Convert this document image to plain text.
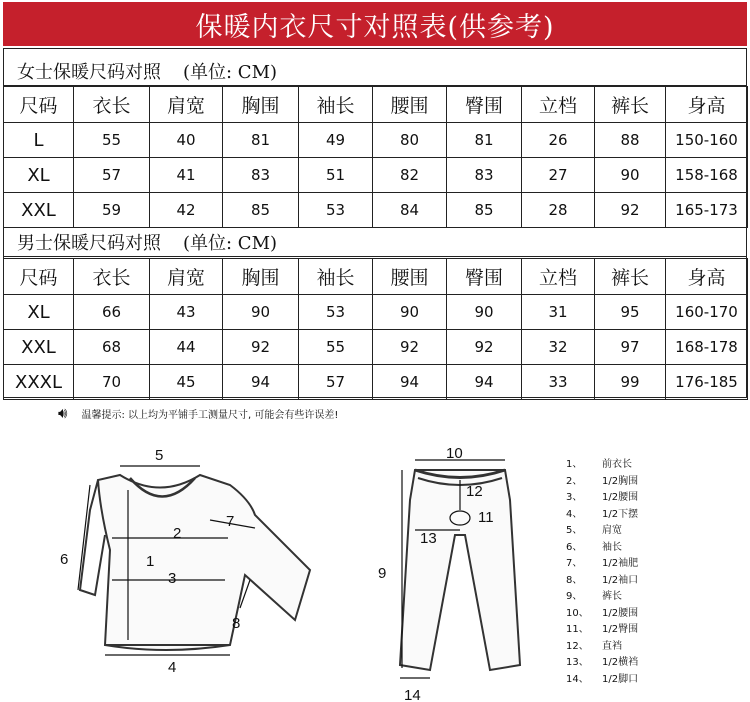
保暖内衣尺寸对照表(供参考)
女士保暖尺码对照 (单位: CM)
尺码	衣长	肩宽	胸围	袖长	腰围	臀围	立档	裤长	身高
L	55	40	81	49	80	81	26	88	150-160
XL	57	41	83	51	82	83	27	90	158-168
XXL	59	42	85	53	84	85	28	92	165-173
男士保暖尺码对照 (单位: CM)
尺码	衣长	肩宽	胸围	袖长	腰围	臀围	立档	裤长	身高
XL	66	43	90	53	90	90	31	95	160-170
XXL	68	44	92	55	92	92	32	97	168-178
XXXL	70	45	94	57	94	94	33	99	176-185
🔊︎ 温馨提示: 以上均为平铺手工测量尺寸, 可能会有些许误差!
5
6
2
7
1
3
8
4
10
12
11
13
9
14
1、	前衣长
2、	1/2胸围
3、	1/2腰围
4、	1/2下摆
5、	肩宽
6、	袖长
7、	1/2袖肥
8、	1/2袖口
9、	裤长
10、	1/2腰围
11、	1/2臀围
12、	直裆
13、	1/2横裆
14、	1/2脚口
